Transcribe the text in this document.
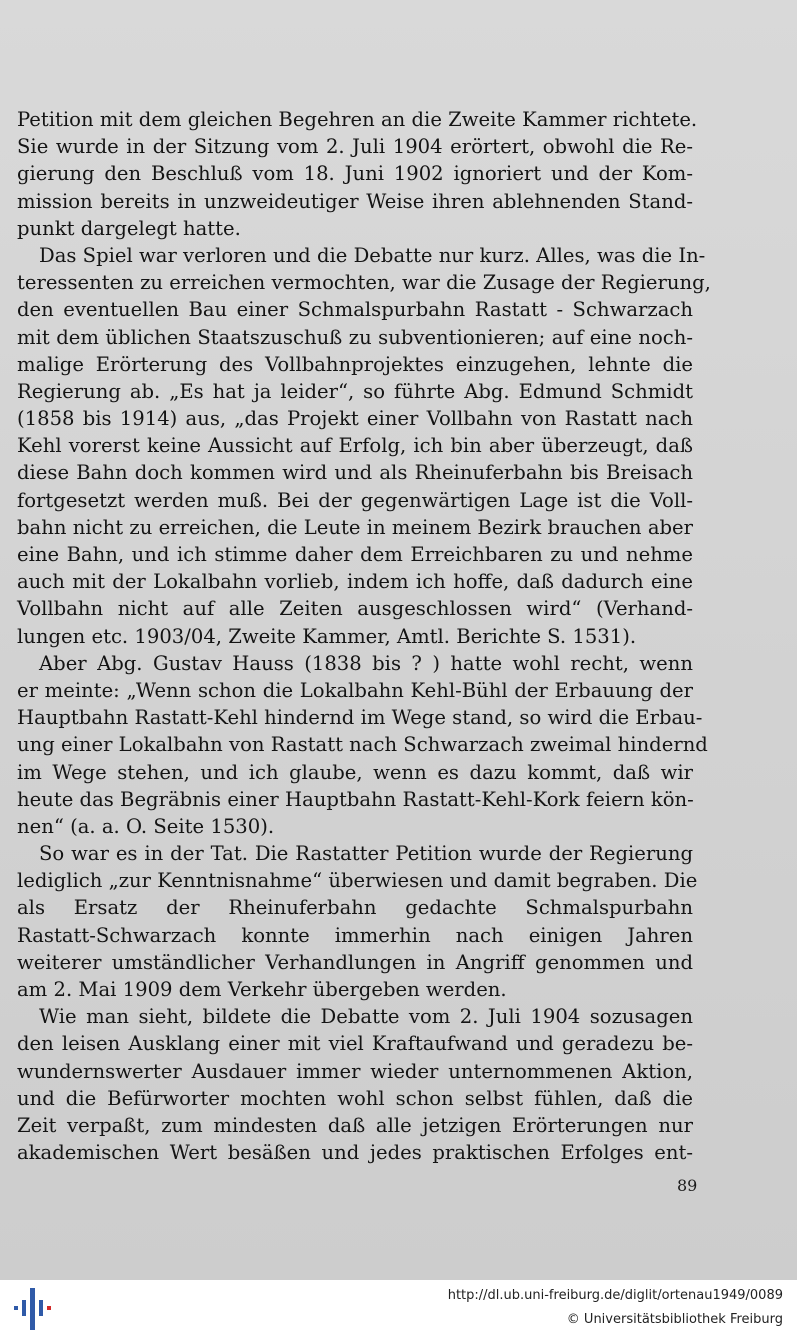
Petition mit dem gleichen Begehren an die Zweite Kammer richtete.
Sie wurde in der Sitzung vom 2. Juli 1904 erörtert, obwohl die Re-
gierung den Beschluß vom 18. Juni 1902 ignoriert und der Kom-
mission bereits in unzweideutiger Weise ihren ablehnenden Stand-
punkt dargelegt hatte.
Das Spiel war verloren und die Debatte nur kurz. Alles, was die In-
teressenten zu erreichen vermochten, war die Zusage der Regierung,
den eventuellen Bau einer Schmalspurbahn Rastatt - Schwarzach
mit dem üblichen Staatszuschuß zu subventionieren; auf eine noch-
malige Erörterung des Vollbahnprojektes einzugehen, lehnte die
Regierung ab. „Es hat ja leider“, so führte Abg. Edmund Schmidt
(1858 bis 1914) aus, „das Projekt einer Vollbahn von Rastatt nach
Kehl vorerst keine Aussicht auf Erfolg, ich bin aber überzeugt, daß
diese Bahn doch kommen wird und als Rheinuferbahn bis Breisach
fortgesetzt werden muß. Bei der gegenwärtigen Lage ist die Voll-
bahn nicht zu erreichen, die Leute in meinem Bezirk brauchen aber
eine Bahn, und ich stimme daher dem Erreichbaren zu und nehme
auch mit der Lokalbahn vorlieb, indem ich hoffe, daß dadurch eine
Vollbahn nicht auf alle Zeiten ausgeschlossen wird“ (Verhand-
lungen etc. 1903/04, Zweite Kammer, Amtl. Berichte S. 1531).
Aber Abg. Gustav Hauss (1838 bis ? ) hatte wohl recht, wenn
er meinte: „Wenn schon die Lokalbahn Kehl-Bühl der Erbauung der
Hauptbahn Rastatt-Kehl hindernd im Wege stand, so wird die Erbau-
ung einer Lokalbahn von Rastatt nach Schwarzach zweimal hindernd
im Wege stehen, und ich glaube, wenn es dazu kommt, daß wir
heute das Begräbnis einer Hauptbahn Rastatt-Kehl-Kork feiern kön-
nen“ (a. a. O. Seite 1530).
So war es in der Tat. Die Rastatter Petition wurde der Regierung
lediglich „zur Kenntnisnahme“ überwiesen und damit begraben. Die
als Ersatz der Rheinuferbahn gedachte Schmalspurbahn
Rastatt-Schwarzach konnte immerhin nach einigen Jahren
weiterer umständlicher Verhandlungen in Angriff genommen und
am 2. Mai 1909 dem Verkehr übergeben werden.
Wie man sieht, bildete die Debatte vom 2. Juli 1904 sozusagen
den leisen Ausklang einer mit viel Kraftaufwand und geradezu be-
wundernswerter Ausdauer immer wieder unternommenen Aktion,
und die Befürworter mochten wohl schon selbst fühlen, daß die
Zeit verpaßt, zum mindesten daß alle jetzigen Erörterungen nur
akademischen Wert besäßen und jedes praktischen Erfolges ent-
89
http://dl.ub.uni-freiburg.de/diglit/ortenau1949/0089
© Universitätsbibliothek Freiburg
